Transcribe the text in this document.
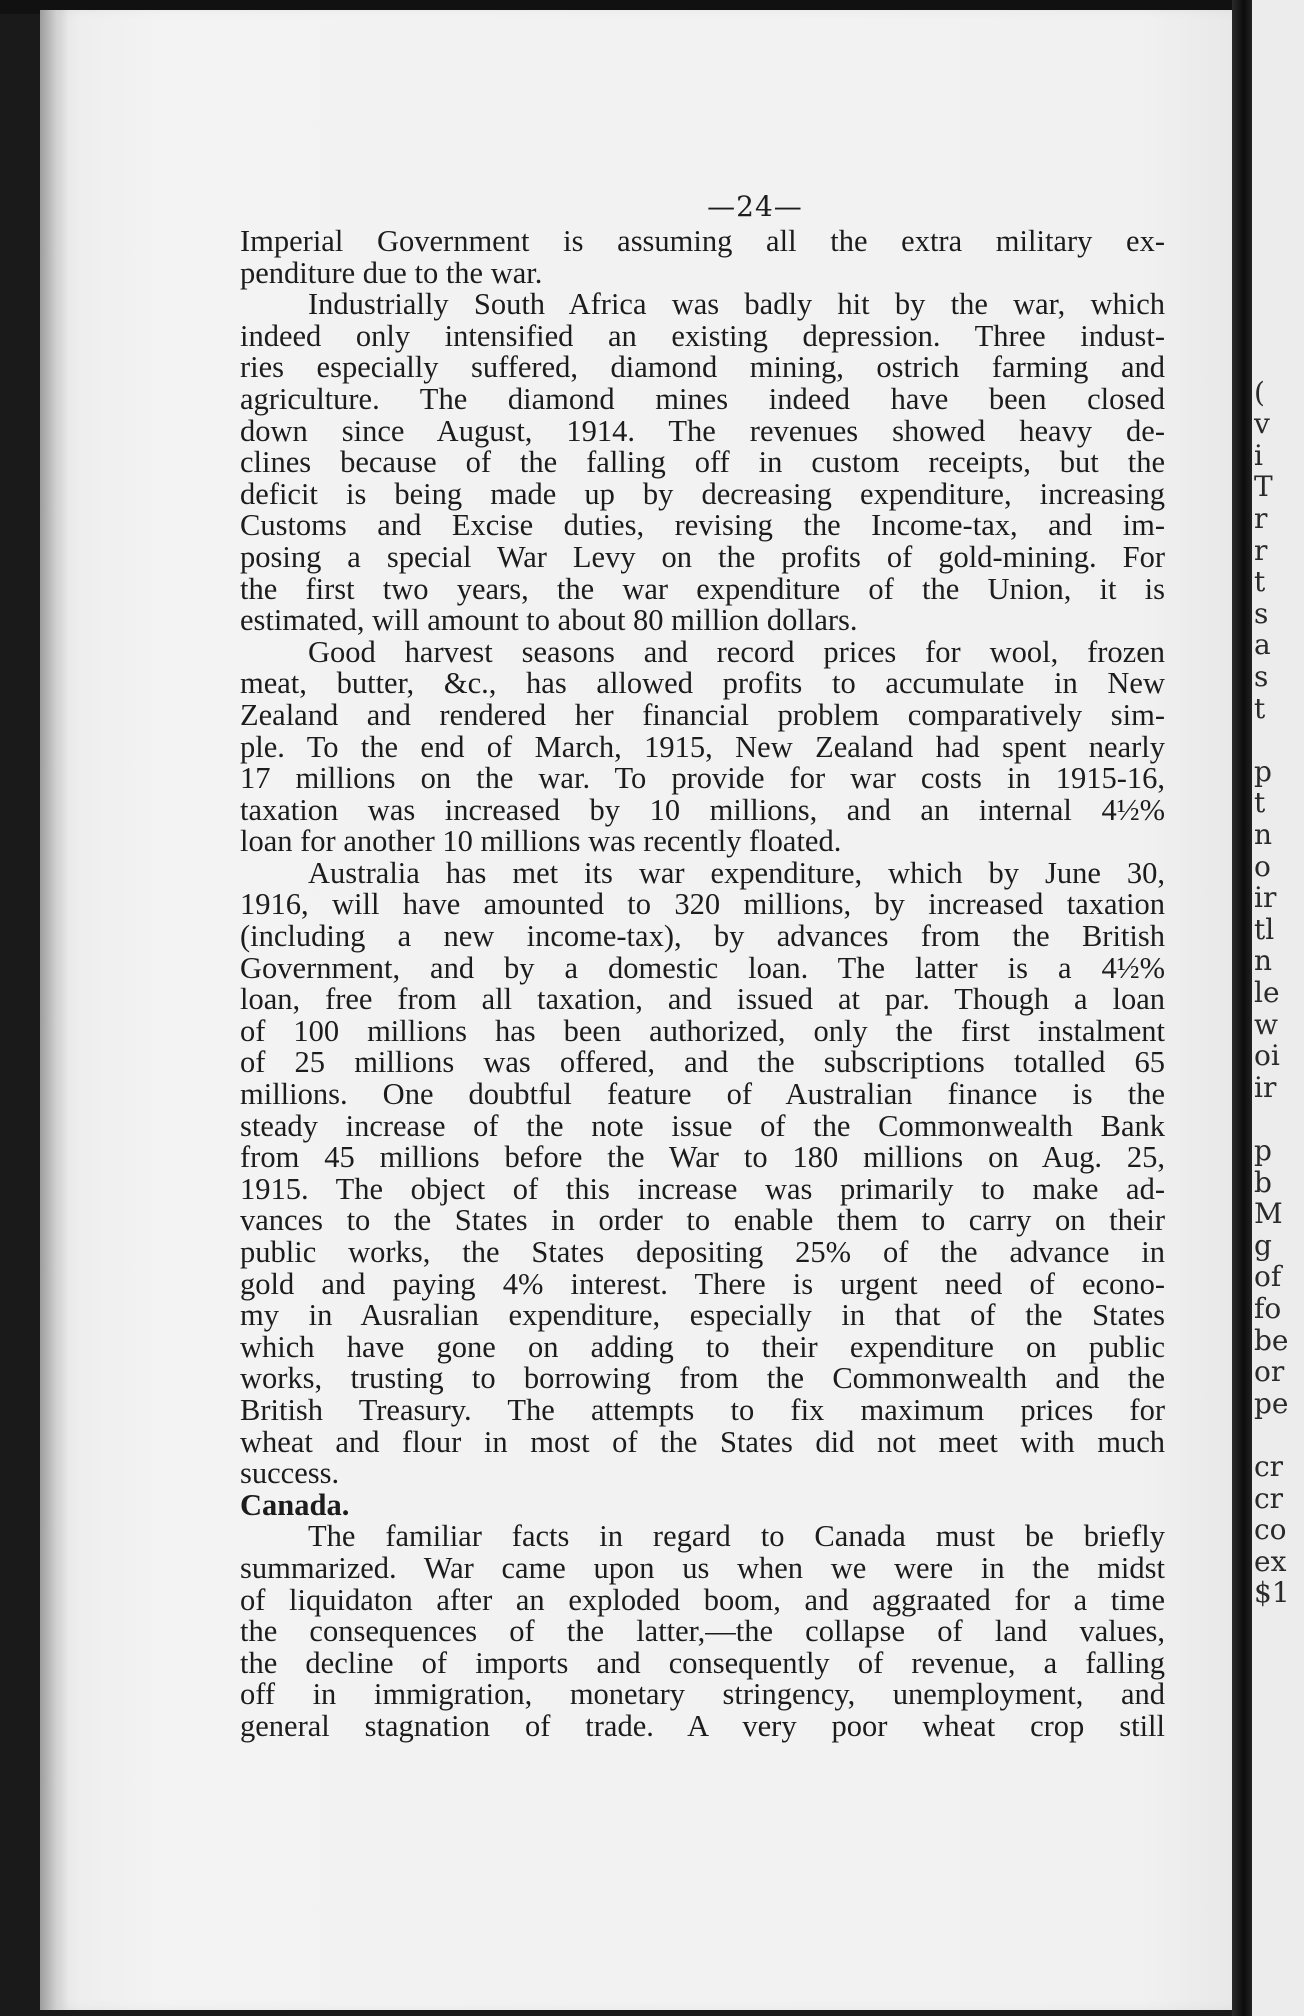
—24—
Imperial Government is assuming all the extra military ex-
penditure due to the war.
Industrially South Africa was badly hit by the war, which
indeed only intensified an existing depression. Three indust-
ries especially suffered, diamond mining, ostrich farming and
agriculture. The diamond mines indeed have been closed
down since August, 1914. The revenues showed heavy de-
clines because of the falling off in custom receipts, but the
deficit is being made up by decreasing expenditure, increasing
Customs and Excise duties, revising the Income-tax, and im-
posing a special War Levy on the profits of gold-mining. For
the first two years, the war expenditure of the Union, it is
estimated, will amount to about 80 million dollars.
Good harvest seasons and record prices for wool, frozen
meat, butter, &c., has allowed profits to accumulate in New
Zealand and rendered her financial problem comparatively sim-
ple. To the end of March, 1915, New Zealand had spent nearly
17 millions on the war. To provide for war costs in 1915-16,
taxation was increased by 10 millions, and an internal 4½%
loan for another 10 millions was recently floated.
Australia has met its war expenditure, which by June 30,
1916, will have amounted to 320 millions, by increased taxation
(including a new income-tax), by advances from the British
Government, and by a domestic loan. The latter is a 4½%
loan, free from all taxation, and issued at par. Though a loan
of 100 millions has been authorized, only the first instalment
of 25 millions was offered, and the subscriptions totalled 65
millions. One doubtful feature of Australian finance is the
steady increase of the note issue of the Commonwealth Bank
from 45 millions before the War to 180 millions on Aug. 25,
1915. The object of this increase was primarily to make ad-
vances to the States in order to enable them to carry on their
public works, the States depositing 25% of the advance in
gold and paying 4% interest. There is urgent need of econo-
my in Ausralian expenditure, especially in that of the States
which have gone on adding to their expenditure on public
works, trusting to borrowing from the Commonwealth and the
British Treasury. The attempts to fix maximum prices for
wheat and flour in most of the States did not meet with much
success.
Canada.
The familiar facts in regard to Canada must be briefly
summarized. War came upon us when we were in the midst
of liquidaton after an exploded boom, and aggraated for a time
the consequences of the latter,—the collapse of land values,
the decline of imports and consequently of revenue, a falling
off in immigration, monetary stringency, unemployment, and
general stagnation of trade. A very poor wheat crop still
(
v
i
T
r
r
t
s
a
s
t
p
t
n
o
ir
tl
n
le
w
oi
ir
p
b
M
g
of
fo
be
or
pe
cr
cr
co
ex
$1
